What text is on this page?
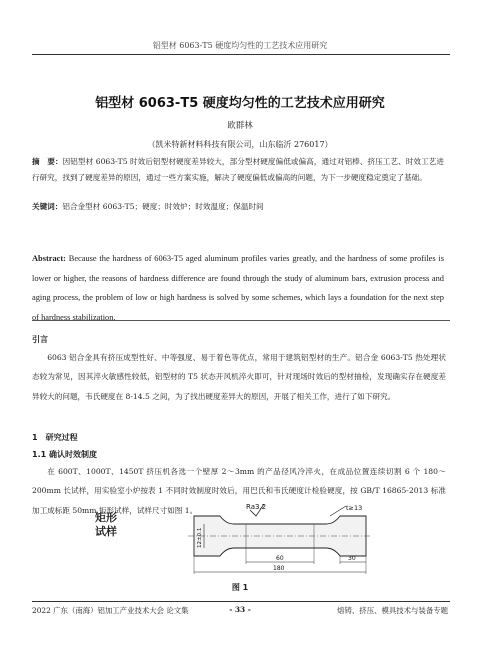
铝型材 6063-T5 硬度均匀性的工艺技术应用研究
铝型材 6063-T5 硬度均匀性的工艺技术应用研究
欧群林
（凯米特新材料科技有限公司，山东临沂 276017）
摘　要：因铝型材 6063-T5 时效后铝型材硬度差异较大，部分型材硬度偏低或偏高，通过对铝棒、挤压工艺、时效工艺进行研究，找到了硬度差异的原因，通过一些方案实施，解决了硬度偏低或偏高的问题，为下一步硬度稳定奠定了基础。
关键词：铝合金型材 6063-T5；硬度；时效炉；时效温度；保温时间
Abstract: Because the hardness of 6063-T5 aged aluminum profiles varies greatly, and the hardness of some profiles is lower or higher, the reasons of hardness difference are found through the study of aluminum bars, extrusion process and aging process, the problem of low or high hardness is solved by some schemes, which lays a foundation for the next step of hardness stabilization.
引言
6063 铝合金具有挤压成型性好、中等强度、易于着色等优点，常用于建筑铝型材的生产。铝合金 6063-T5 热处理状态较为常见，因其淬火敏感性较低，铝型材的 T5 状态开风机淬火即可，针对现场时效后的型材抽检，发现确实存在硬度差异较大的问题，韦氏硬度在 8-14.5 之间，为了找出硬度差异大的原因，开展了相关工作，进行了如下研究。
1　研究过程
1.1 确认时效制度
在 600T、1000T、1450T 挤压机各选一个壁厚 2～3mm 的产品径风冷淬火，在成品位置连续切割 6 个 180～200mm 长试样，用实验室小炉按表 1 不同时效制度时效后，用巴氏和韦氏硬度计检验硬度，按 GB/T 16865-2013 标准加工成标距 50mm 矩形试样，试样尺寸如图 1。
矩形
试样
Ra3.2	t≥13
12±0.1
60	30
180
图 1
2022 广东（南海）铝加工产业技术大会 论文集	- 33 -	熔铸、挤压、模具技术与装备专题
